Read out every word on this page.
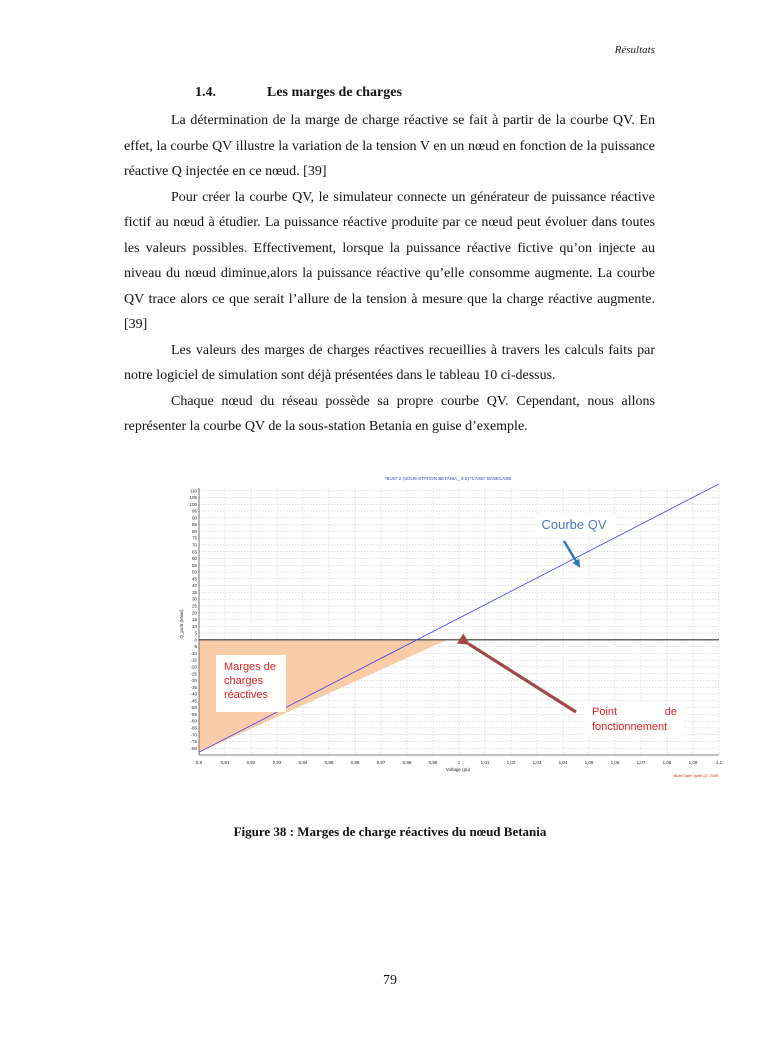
Résultats
1.4.	Les marges de charges

La détermination de la marge de charge réactive se fait à partir de la courbe QV. En effet, la courbe QV illustre la variation de la tension V en un nœud en fonction de la puissance réactive Q injectée en ce nœud. [39]

Pour créer la courbe QV, le simulateur connecte un générateur de puissance réactive fictif au nœud à étudier. La puissance réactive produite par ce nœud peut évoluer dans toutes les valeurs possibles. Effectivement, lorsque la puissance réactive fictive qu’on injecte au niveau du nœud diminue,alors la puissance réactive qu’elle consomme augmente. La courbe QV trace alors ce que serait l’allure de la tension à mesure que la charge réactive augmente. [39]

Les valeurs des marges de charges réactives recueillies à travers les calculs faits par notre logiciel de simulation sont déjà présentées dans le tableau 10 ci-dessus.

Chaque nœud du réseau possède sa propre courbe QV. Cependant, nous allons représenter la courbe QV de la sous-station Betania en guise d’exemple.

0,9	0,91	0,92	0,93	0,94	0,95	0,96	0,97	0,98	0,99	1	1,01	1,02	1,03	1,04	1,05	1,06	1,07	1,08	1,09	1,1
110
105
100
95
90
85
80
75
70
65
60
55
50
45
40
35
30
25
20
15
10
5
0
-5
-10
-15
-20
-25
-30
-35
-40
-45
-50
-55
-60
-65
-70
-75
-80
*BUS* 2 (SOUS-STATION BETANIA_ 0,0) *CASE* BASECASE
Voltage (pu)
Q_pu/n (Mvar)
Courbe QV
Marges de
charges
réactives
Point	de
fonctionnement
Build Date: syfile 22, 2009
Figure 38 : Marges de charge réactives du nœud Betania
79
